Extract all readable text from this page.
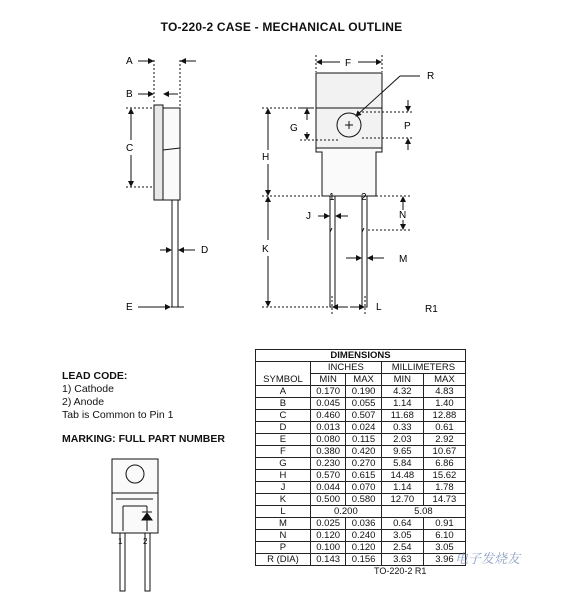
TO-220-2 CASE - MECHANICAL OUTLINE
A
B
C
D
E
F
R
P
G
H
J
K
N
M
L
1	2
R1
1	2
LEAD CODE:
1) Cathode
2) Anode
Tab is Common to Pin 1
MARKING: FULL PART NUMBER
DIMENSIONS				
SYMBOL	INCHES		MILLIMETERS	
	MIN	MAX	MIN	MAX
A	0.170	0.190	4.32	4.83
B	0.045	0.055	1.14	1.40
C	0.460	0.507	11.68	12.88
D	0.013	0.024	0.33	0.61
E	0.080	0.115	2.03	2.92
F	0.380	0.420	9.65	10.67
G	0.230	0.270	5.84	6.86
H	0.570	0.615	14.48	15.62
J	0.044	0.070	1.14	1.78
K	0.500	0.580	12.70	14.73
L	0.200		5.08	
M	0.025	0.036	0.64	0.91
N	0.120	0.240	3.05	6.10
P	0.100	0.120	2.54	3.05
R (DIA)	0.143	0.156	3.63	3.96
TO-220-2 R1
电子发烧友
